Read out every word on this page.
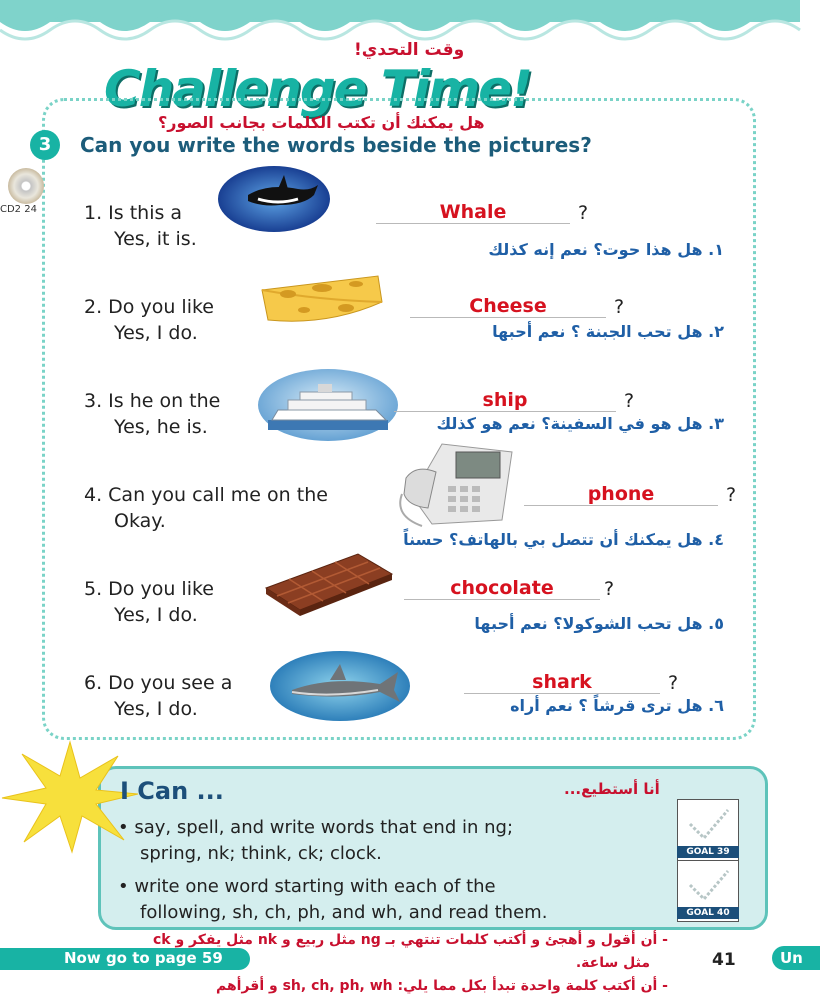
وقت التحدي!
Challenge Time!
هل يمكنك أن تكتب الكلمات بجانب الصور؟
3	Can you write the words beside the pictures?
CD2 24 1. Is this a
Yes, it is.
Whale	?
١. هل هذا حوت؟ نعم إنه كذلك
2. Do you like
Yes, I do.
Cheese	?
٢. هل تحب الجبنة ؟ نعم أحبها
3. Is he on the
Yes, he is.
ship	?
٣. هل هو في السفينة؟ نعم هو كذلك
4. Can you call me on the
Okay.
phone	?
٤. هل يمكنك أن تتصل بي بالهاتف؟ حسناً
5. Do you like
Yes, I do.
chocolate	?
٥. هل تحب الشوكولا؟ نعم أحبها
6. Do you see a
Yes, I do.
shark	?
٦. هل ترى قرشاً ؟ نعم أراه
I Can ...	أنا أستطيع...
• say, spell, and write words that end in ng;
spring, nk; think, ck; clock.
• write one word starting with each of the
following, sh, ch, ph, and wh, and read them.
GOAL 39
GOAL 40
Now go to page 59	41	Un
- أن أقول و أهجئ و أكتب كلمات تنتهي بـ ng مثل ربيع و nk مثل يفكر و ck
مثل ساعة.
- أن أكتب كلمة واحدة تبدأ بكل مما يلي: sh, ch, ph, wh و أقرأهم
